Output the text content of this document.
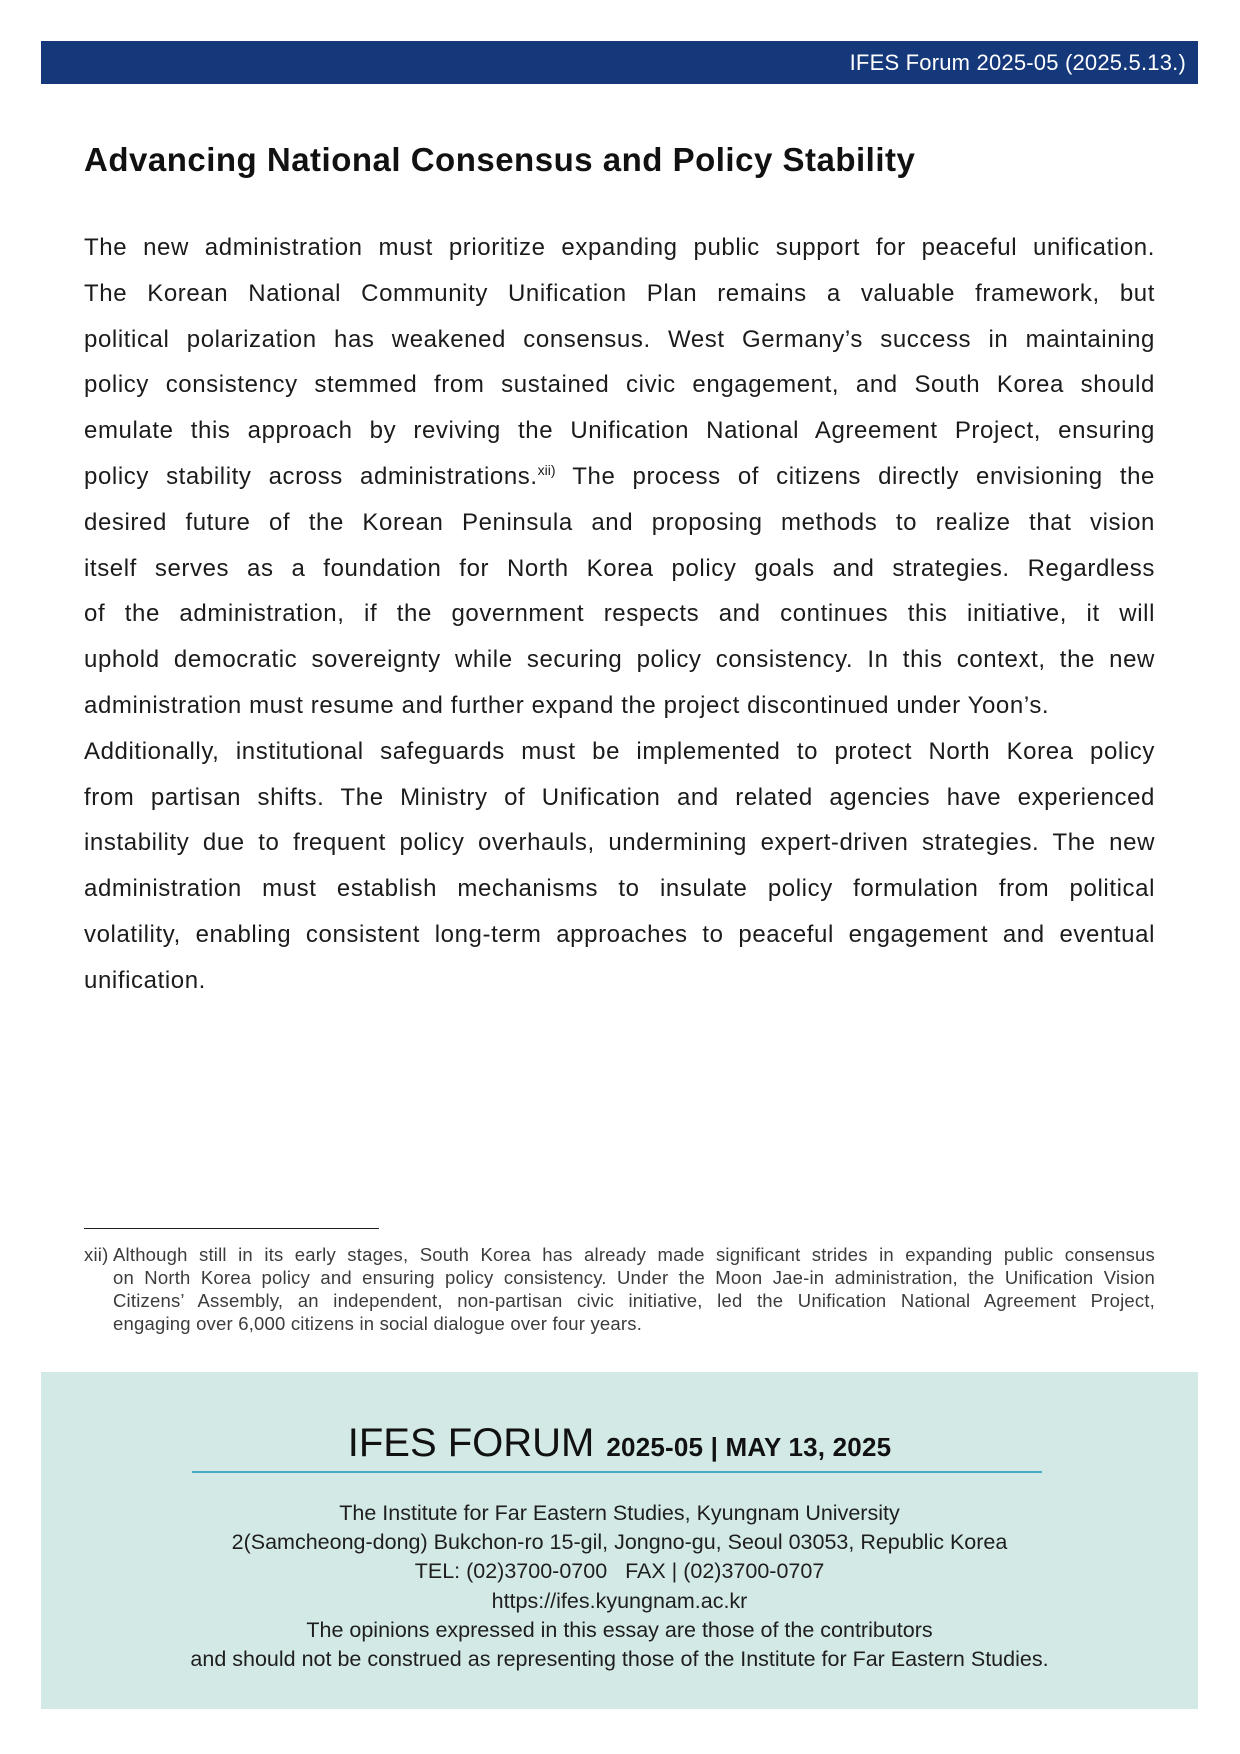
IFES Forum 2025-05 (2025.5.13.)
Advancing National Consensus and Policy Stability
The new administration must prioritize expanding public support for peaceful unification.
The Korean National Community Unification Plan remains a valuable framework, but
political polarization has weakened consensus. West Germany’s success in maintaining
policy consistency stemmed from sustained civic engagement, and South Korea should
emulate this approach by reviving the Unification National Agreement Project, ensuring
policy stability across administrations.$^{xii)}$ The process of citizens directly envisioning the
desired future of the Korean Peninsula and proposing methods to realize that vision
itself serves as a foundation for North Korea policy goals and strategies. Regardless
of the administration, if the government respects and continues this initiative, it will
uphold democratic sovereignty while securing policy consistency. In this context, the new
administration must resume and further expand the project discontinued under Yoon’s.
Additionally, institutional safeguards must be implemented to protect North Korea policy
from partisan shifts. The Ministry of Unification and related agencies have experienced
instability due to frequent policy overhauls, undermining expert-driven strategies. The new
administration must establish mechanisms to insulate policy formulation from political
volatility, enabling consistent long-term approaches to peaceful engagement and eventual
unification.
xii) Although still in its early stages, South Korea has already made significant strides in expanding public consensus
on North Korea policy and ensuring policy consistency. Under the Moon Jae-in administration, the Unification Vision
Citizens’ Assembly, an independent, non-partisan civic initiative, led the Unification National Agreement Project,
engaging over 6,000 citizens in social dialogue over four years.
IFES FORUM 2025-05 | MAY 13, 2025
The Institute for Far Eastern Studies, Kyungnam University
2(Samcheong-dong) Bukchon-ro 15-gil, Jongno-gu, Seoul 03053, Republic Korea
TEL: (02)3700-0700   FAX | (02)3700-0707
https://ifes.kyungnam.ac.kr
The opinions expressed in this essay are those of the contributors
and should not be construed as representing those of the Institute for Far Eastern Studies.
